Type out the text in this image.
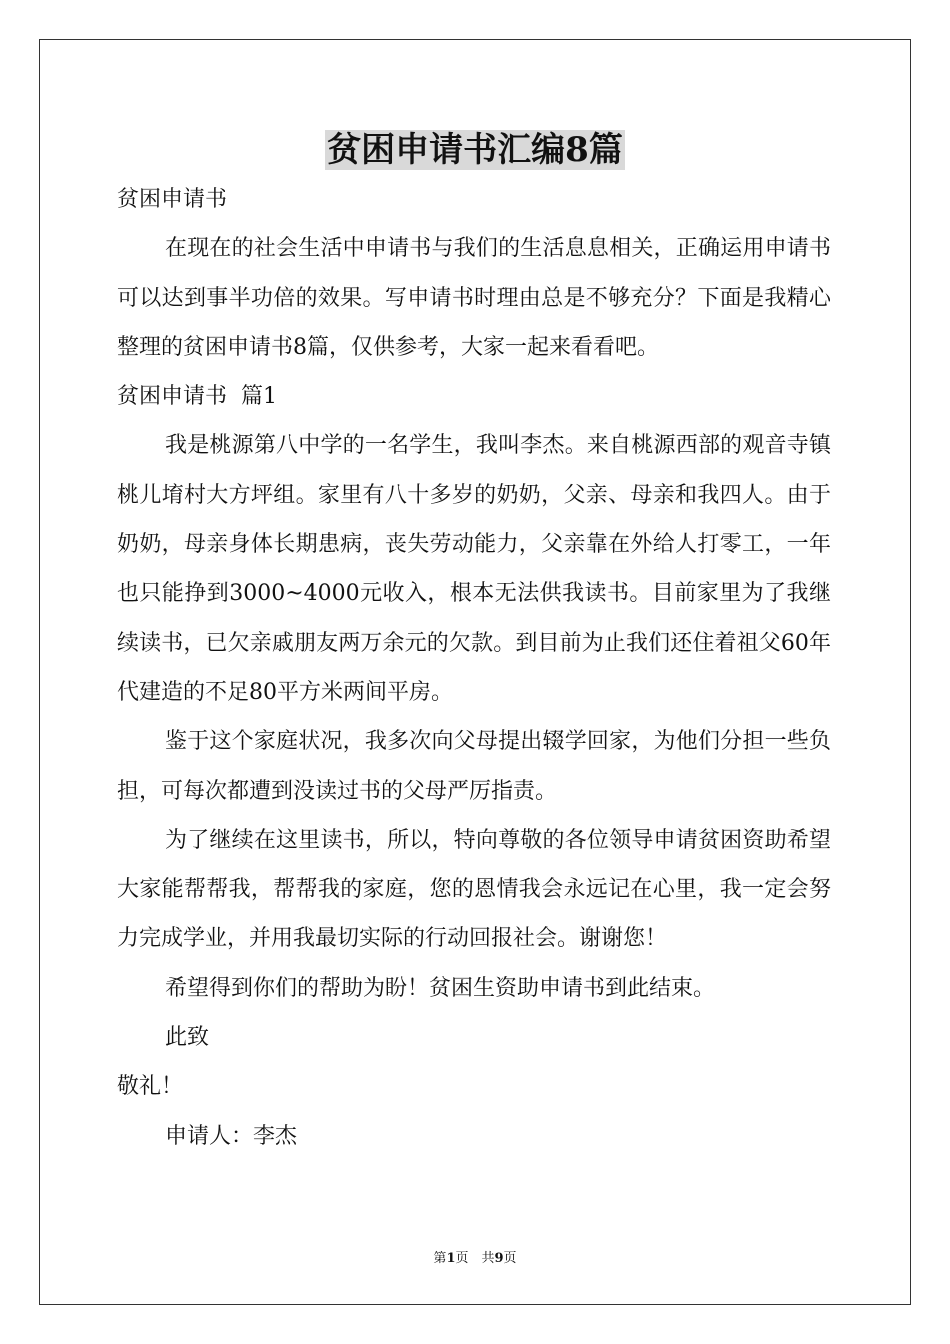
贫困申请书汇编8篇

贫困申请书

在现在的社会生活中申请书与我们的生活息息相关，正确运用申请书可以达到事半功倍的效果。写申请书时理由总是不够充分？下面是我精心整理的贫困申请书8篇，仅供参考，大家一起来看看吧。

贫困申请书  篇1

我是桃源第八中学的一名学生，我叫李杰。来自桃源西部的观音寺镇桃儿堉村大方坪组。家里有八十多岁的奶奶，父亲、母亲和我四人。由于奶奶，母亲身体长期患病，丧失劳动能力，父亲靠在外给人打零工，一年也只能挣到3000~4000元收入，根本无法供我读书。目前家里为了我继续读书，已欠亲戚朋友两万余元的欠款。到目前为止我们还住着祖父60年代建造的不足80平方米两间平房。

鉴于这个家庭状况，我多次向父母提出辍学回家，为他们分担一些负担，可每次都遭到没读过书的父母严厉指责。

为了继续在这里读书，所以，特向尊敬的各位领导申请贫困资助希望大家能帮帮我，帮帮我的家庭，您的恩情我会永远记在心里，我一定会努力完成学业，并用我最切实际的行动回报社会。谢谢您！

希望得到你们的帮助为盼！贫困生资助申请书到此结束。

此致

敬礼！

申请人：李杰

第1页　共9页
